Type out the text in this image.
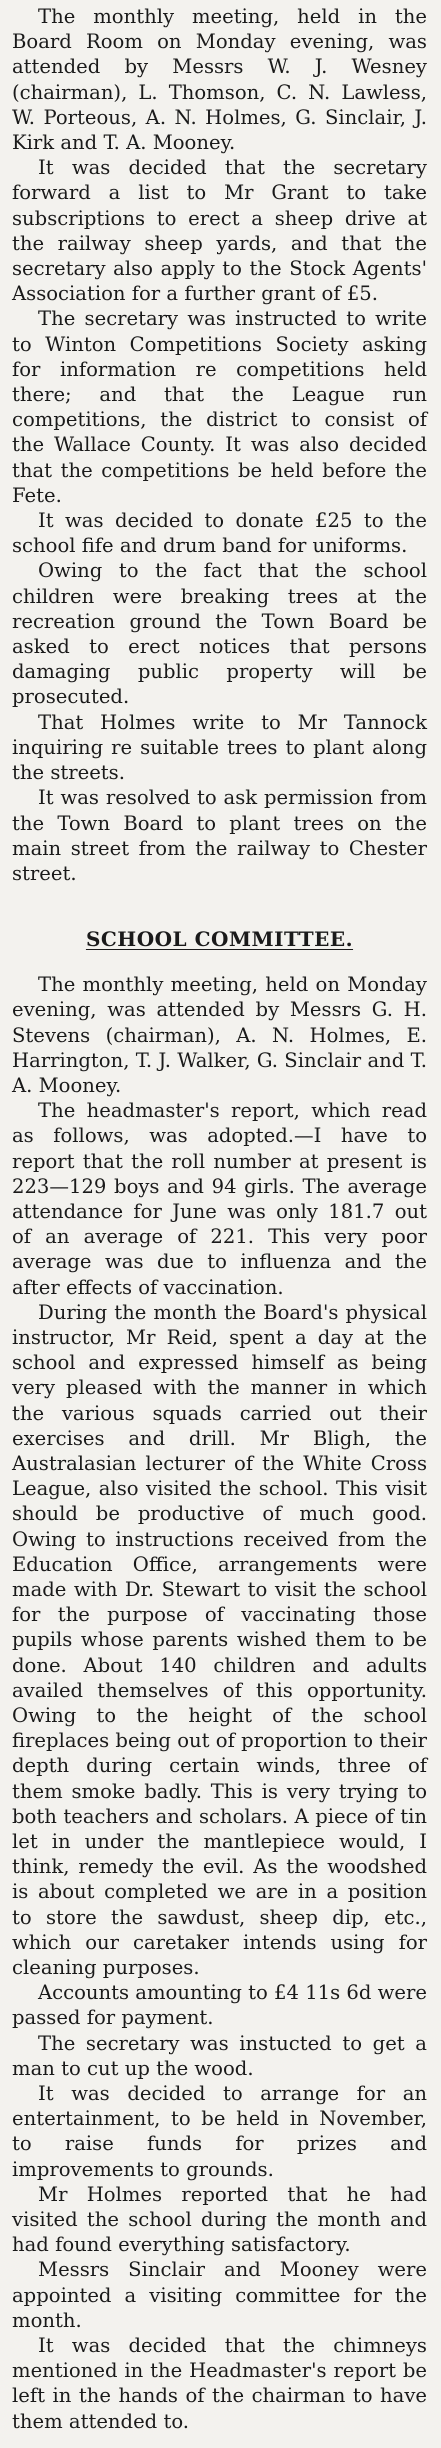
The monthly meeting, held in the Board Room on Monday evening, was attended by Messrs W. J. Wesney (chairman), L. Thomson, C. N. Lawless, W. Porteous, A. N. Holmes, G. Sinclair, J. Kirk and T. A. Mooney.

It was decided that the secretary forward a list to Mr Grant to take subscriptions to erect a sheep drive at the railway sheep yards, and that the secretary also apply to the Stock Agents' Association for a further grant of £5.

The secretary was instructed to write to Winton Competitions Society asking for information re competitions held there; and that the League run competitions, the district to consist of the Wallace County. It was also decided that the competitions be held before the Fete.

It was decided to donate £25 to the school fife and drum band for uniforms.

Owing to the fact that the school children were breaking trees at the recreation ground the Town Board be asked to erect notices that persons damaging public property will be prosecuted.

That Holmes write to Mr Tannock inquiring re suitable trees to plant along the streets.

It was resolved to ask permission from the Town Board to plant trees on the main street from the railway to Chester street.

SCHOOL COMMITTEE.

The monthly meeting, held on Monday evening, was attended by Messrs G. H. Stevens (chairman), A. N. Holmes, E. Harrington, T. J. Walker, G. Sinclair and T. A. Mooney.

The headmaster's report, which read as follows, was adopted.—I have to report that the roll number at present is 223—129 boys and 94 girls. The average attendance for June was only 181.7 out of an average of 221. This very poor average was due to influenza and the after effects of vaccination.

During the month the Board's physical instructor, Mr Reid, spent a day at the school and expressed himself as being very pleased with the manner in which the various squads carried out their exercises and drill. Mr Bligh, the Australasian lecturer of the White Cross League, also visited the school. This visit should be productive of much good. Owing to instructions received from the Education Office, arrangements were made with Dr. Stewart to visit the school for the purpose of vaccinating those pupils whose parents wished them to be done. About 140 children and adults availed themselves of this opportunity. Owing to the height of the school fireplaces being out of proportion to their depth during certain winds, three of them smoke badly. This is very trying to both teachers and scholars. A piece of tin let in under the mantlepiece would, I think, remedy the evil. As the woodshed is about completed we are in a position to store the sawdust, sheep dip, etc., which our caretaker intends using for cleaning purposes.

Accounts amounting to £4 11s 6d were passed for payment.

The secretary was instucted to get a man to cut up the wood.

It was decided to arrange for an entertainment, to be held in November, to raise funds for prizes and improvements to grounds.

Mr Holmes reported that he had visited the school during the month and had found everything satisfactory.

Messrs Sinclair and Mooney were appointed a visiting committee for the month.

It was decided that the chimneys mentioned in the Headmaster's report be left in the hands of the chairman to have them attended to.
